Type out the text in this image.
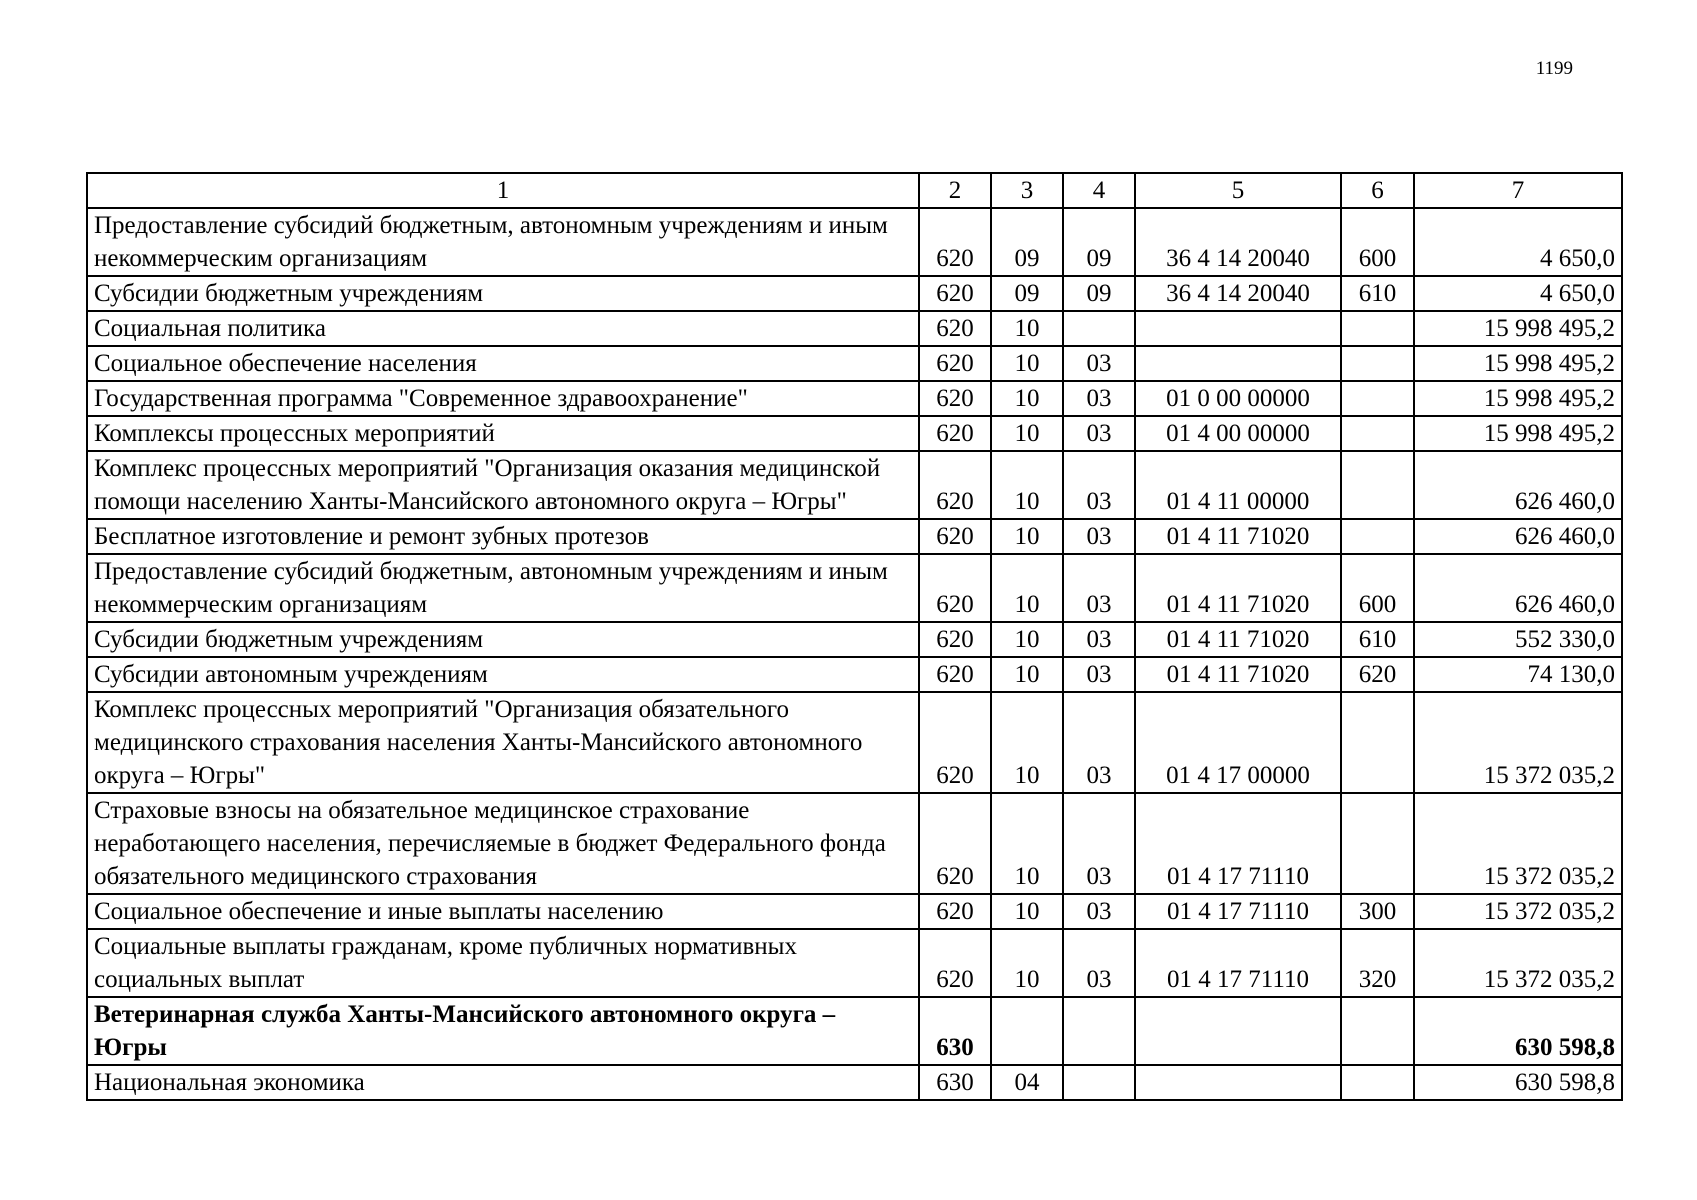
1199
1	2	3	4	5	6	7
Предоставление субсидий бюджетным, автономным учреждениям и иным некоммерческим организациям	620	09	09	36 4 14 20040	600	4 650,0
Субсидии бюджетным учреждениям	620	09	09	36 4 14 20040	610	4 650,0
Социальная политика	620	10				15 998 495,2
Социальное обеспечение населения	620	10	03			15 998 495,2
Государственная программа "Современное здравоохранение"	620	10	03	01 0 00 00000		15 998 495,2
Комплексы процессных мероприятий	620	10	03	01 4 00 00000		15 998 495,2
Комплекс процессных мероприятий "Организация оказания медицинской помощи населению Ханты-Мансийского автономного округа – Югры"	620	10	03	01 4 11 00000		626 460,0
Бесплатное изготовление и ремонт зубных протезов	620	10	03	01 4 11 71020		626 460,0
Предоставление субсидий бюджетным, автономным учреждениям и иным некоммерческим организациям	620	10	03	01 4 11 71020	600	626 460,0
Субсидии бюджетным учреждениям	620	10	03	01 4 11 71020	610	552 330,0
Субсидии автономным учреждениям	620	10	03	01 4 11 71020	620	74 130,0
Комплекс процессных мероприятий "Организация обязательного медицинского страхования населения Ханты-Мансийского автономного округа – Югры"	620	10	03	01 4 17 00000		15 372 035,2
Страховые взносы на обязательное медицинское страхование неработающего населения, перечисляемые в бюджет Федерального фонда обязательного медицинского страхования	620	10	03	01 4 17 71110		15 372 035,2
Социальное обеспечение и иные выплаты населению	620	10	03	01 4 17 71110	300	15 372 035,2
Социальные выплаты гражданам, кроме публичных нормативных социальных выплат	620	10	03	01 4 17 71110	320	15 372 035,2
Ветеринарная служба Ханты-Мансийского автономного округа – Югры	630					630 598,8
Национальная экономика	630	04				630 598,8
